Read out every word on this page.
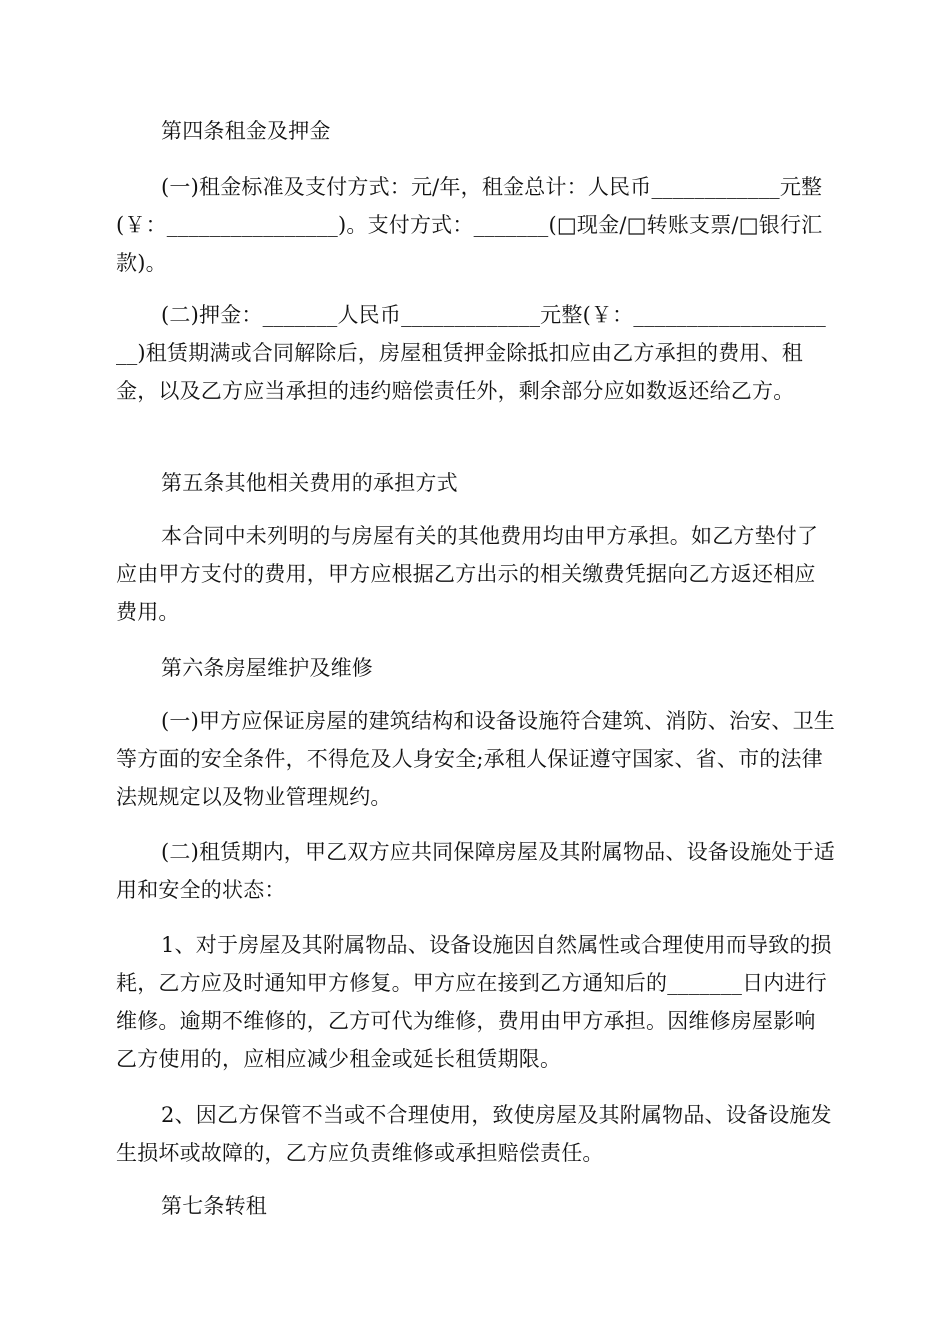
第四条租金及押金

(一)租金标准及支付方式：元/年，租金总计：人民币____________元整(￥：________________)。支付方式：_______(□现金/□转账支票/□银行汇款)。

(二)押金：_______人民币_____________元整(￥：____________________)租赁期满或合同解除后，房屋租赁押金除抵扣应由乙方承担的费用、租金，以及乙方应当承担的违约赔偿责任外，剩余部分应如数返还给乙方。

第五条其他相关费用的承担方式

本合同中未列明的与房屋有关的其他费用均由甲方承担。如乙方垫付了应由甲方支付的费用，甲方应根据乙方出示的相关缴费凭据向乙方返还相应费用。

第六条房屋维护及维修

(一)甲方应保证房屋的建筑结构和设备设施符合建筑、消防、治安、卫生等方面的安全条件，不得危及人身安全;承租人保证遵守国家、省、市的法律法规规定以及物业管理规约。

(二)租赁期内，甲乙双方应共同保障房屋及其附属物品、设备设施处于适用和安全的状态：

1、对于房屋及其附属物品、设备设施因自然属性或合理使用而导致的损耗，乙方应及时通知甲方修复。甲方应在接到乙方通知后的_______日内进行维修。逾期不维修的，乙方可代为维修，费用由甲方承担。因维修房屋影响乙方使用的，应相应减少租金或延长租赁期限。

2、因乙方保管不当或不合理使用，致使房屋及其附属物品、设备设施发生损坏或故障的，乙方应负责维修或承担赔偿责任。

第七条转租
